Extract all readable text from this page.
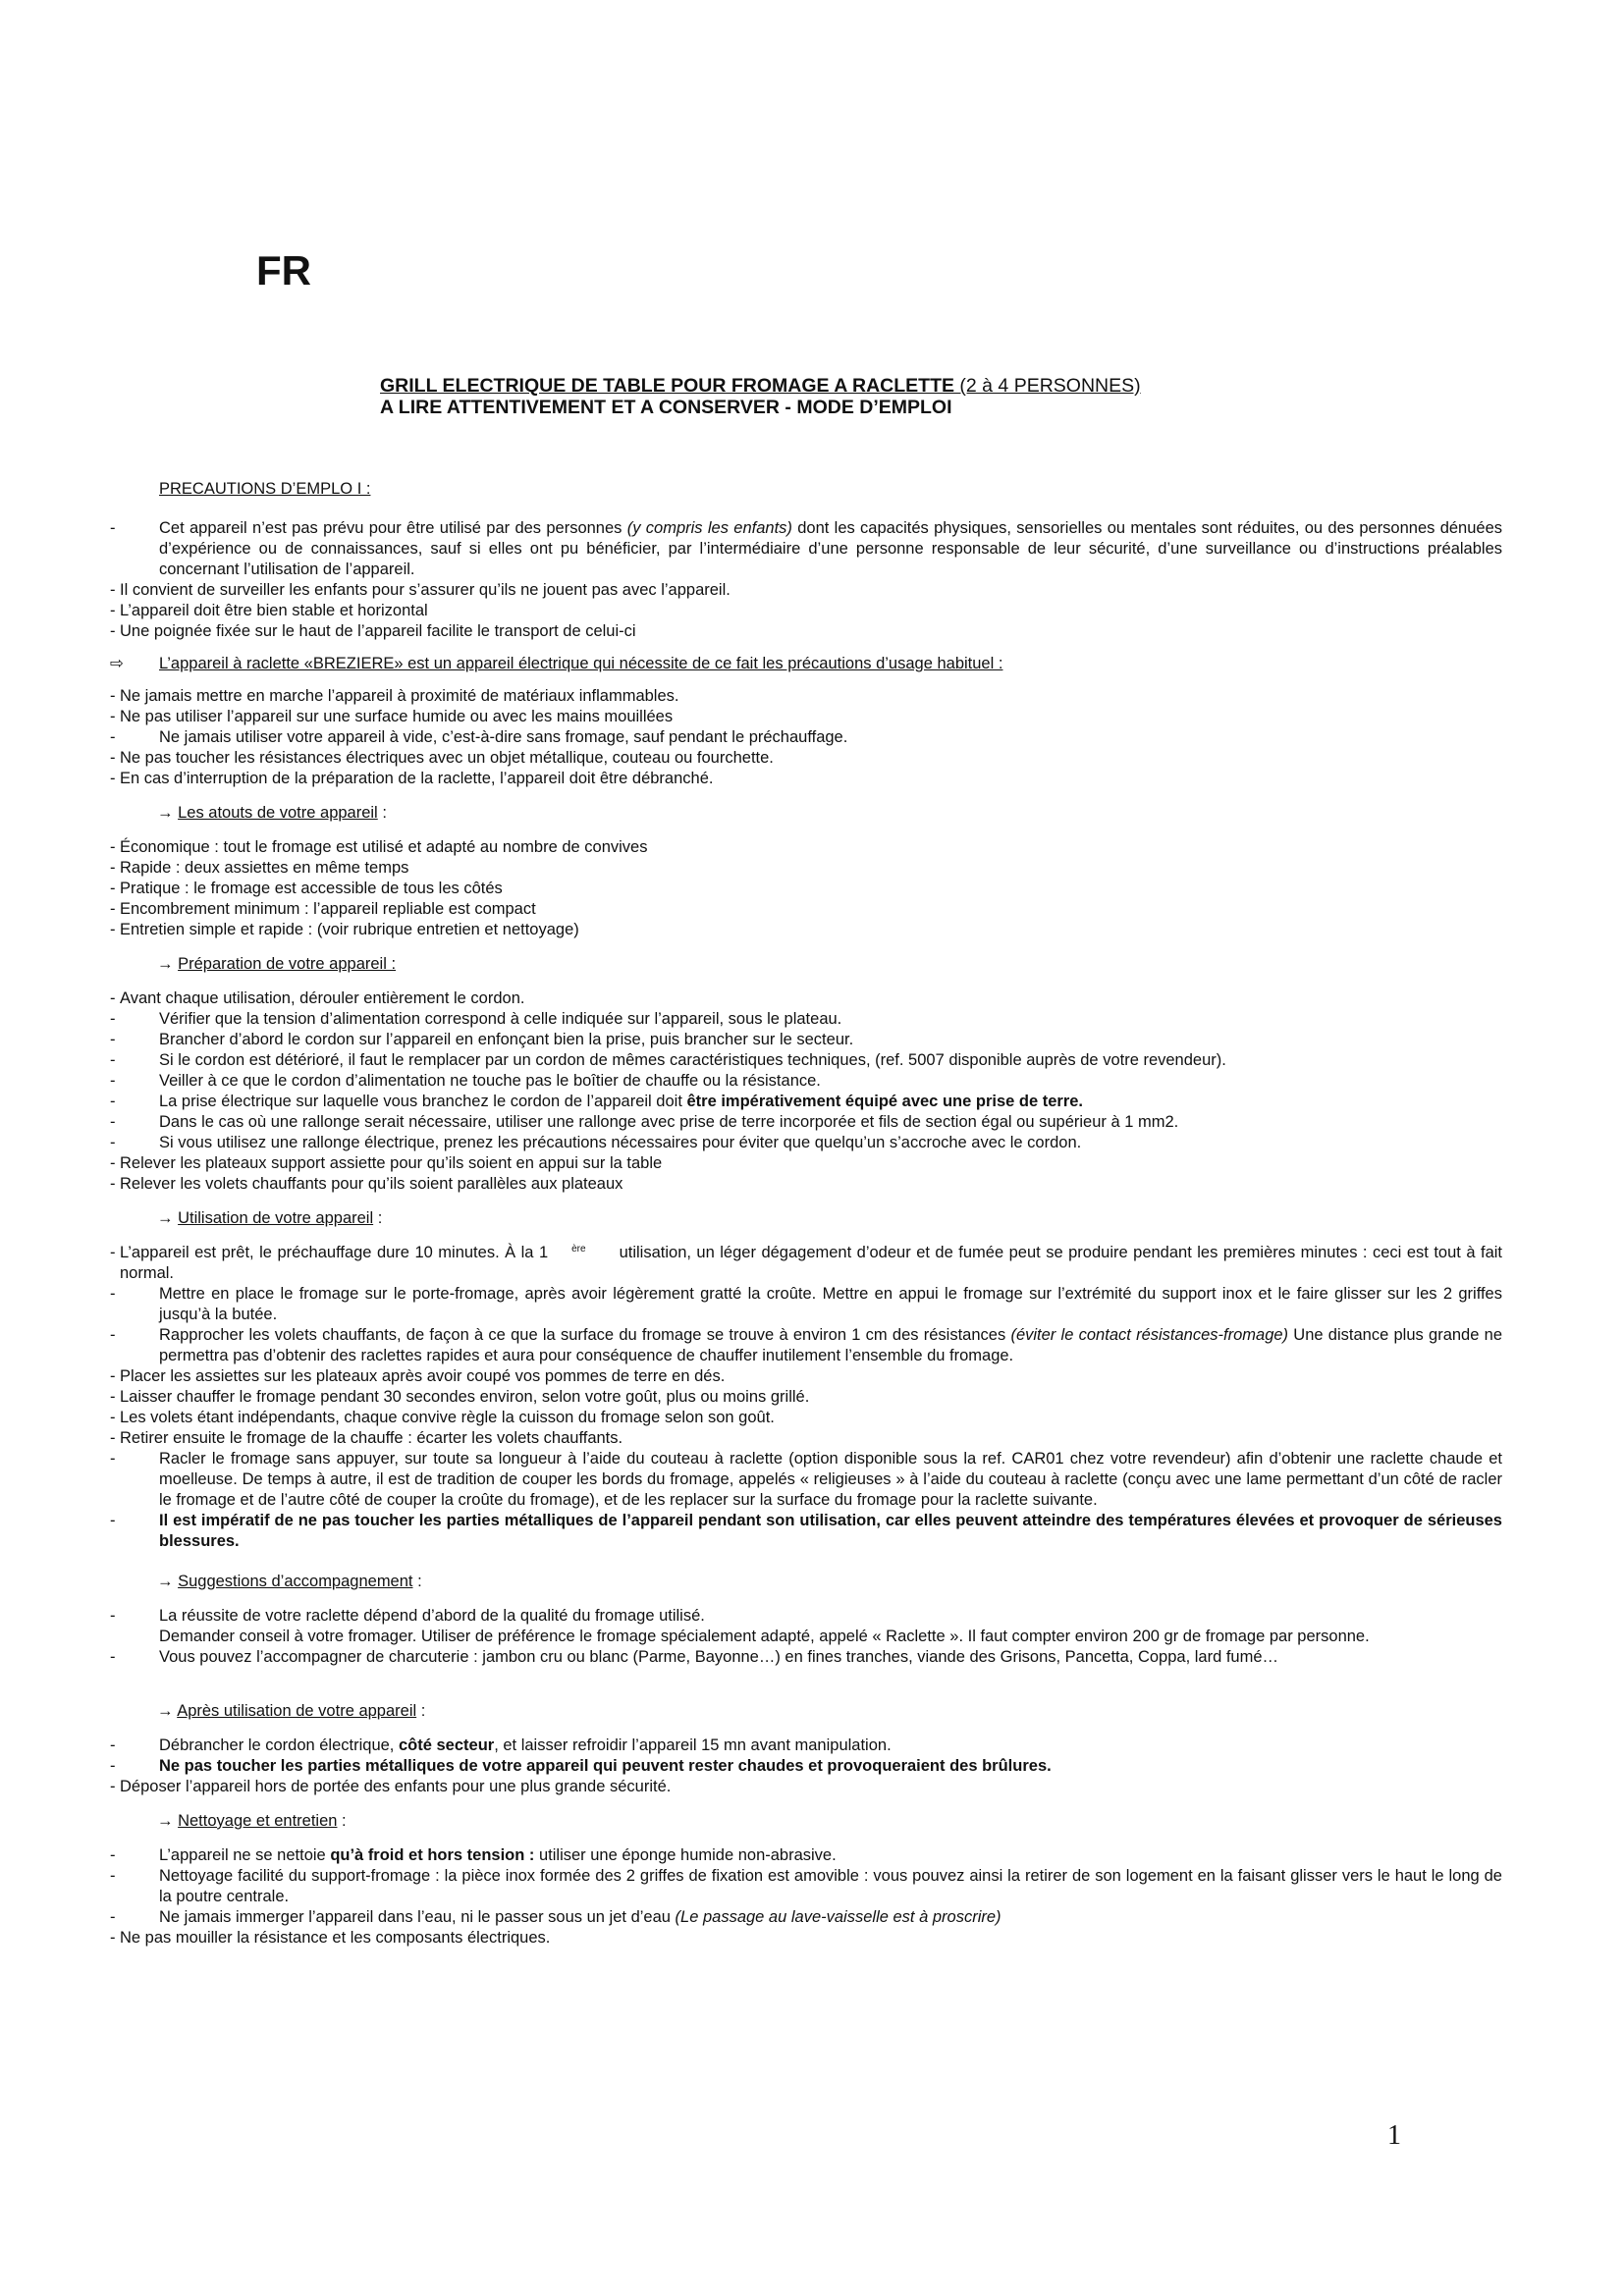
FR
GRILL ELECTRIQUE DE TABLE POUR FROMAGE A RACLETTE (2 à 4 PERSONNES)
A LIRE ATTENTIVEMENT ET A CONSERVER - MODE D’EMPLOI
PRECAUTIONS D’EMPLO I :
-	Cet appareil n’est pas prévu pour être utilisé par des personnes (y compris les enfants) dont les capacités physiques, sensorielles ou mentales sont réduites, ou des personnes dénuées d’expérience ou de connaissances, sauf si elles ont pu bénéficier, par l’intermédiaire d’une personne responsable de leur sécurité, d’une surveillance ou d’instructions préalables concernant l’utilisation de l’appareil.
- Il convient de surveiller les enfants pour s’assurer qu’ils ne jouent pas avec l’appareil.
- L’appareil doit être bien stable et horizontal
- Une poignée fixée sur le haut de l’appareil facilite le transport de celui-ci
⇨ L’appareil à raclette «BREZIERE» est un appareil électrique qui nécessite de ce fait les précautions d’usage habituel :
- Ne jamais mettre en marche l’appareil à proximité de matériaux inflammables.
- Ne pas utiliser l’appareil sur une surface humide ou avec les mains mouillées
-	Ne jamais utiliser votre appareil à vide, c’est-à-dire sans fromage, sauf pendant le préchauffage.
- Ne pas toucher les résistances électriques avec un objet métallique, couteau ou fourchette.
- En cas d’interruption de la préparation de la raclette, l’appareil doit être débranché.
→ Les atouts de votre appareil :
- Économique : tout le fromage est utilisé et adapté au nombre de convives
- Rapide : deux assiettes en même temps
- Pratique : le fromage est accessible de tous les côtés
- Encombrement minimum : l’appareil repliable est compact
- Entretien simple et rapide : (voir rubrique entretien et nettoyage)
→ Préparation de votre appareil :
- Avant chaque utilisation, dérouler entièrement le cordon.
-	Vérifier que la tension d’alimentation correspond à celle indiquée sur l’appareil, sous le plateau.
-	Brancher d’abord le cordon sur l’appareil en enfonçant bien la prise, puis brancher sur le secteur.
-	Si le cordon est détérioré, il faut le remplacer par un cordon de mêmes caractéristiques techniques, (ref. 5007 disponible auprès de votre revendeur).
-	Veiller à ce que le cordon d’alimentation ne touche pas le boîtier de chauffe ou la résistance.
-	La prise électrique sur laquelle vous branchez le cordon de l’appareil doit être impérativement équipé avec une prise de terre.
-	Dans le cas où une rallonge serait nécessaire, utiliser une rallonge avec prise de terre incorporée et fils de section égal ou supérieur à 1 mm2.
-	Si vous utilisez une rallonge électrique, prenez les précautions nécessaires pour éviter que quelqu’un s’accroche avec le cordon.
- Relever les plateaux support assiette pour qu’ils soient en appui sur la table
- Relever les volets chauffants pour qu’ils soient parallèles aux plateaux
→ Utilisation de votre appareil :
- L’appareil est prêt, le préchauffage dure 10 minutes. À la 1 $^{ère}$ utilisation, un léger dégagement d’odeur et de fumée peut se produire pendant les premières minutes : ceci est tout à fait normal.
-	Mettre en place le fromage sur le porte-fromage, après avoir légèrement gratté la croûte. Mettre en appui le fromage sur l’extrémité du support inox et le faire glisser sur les 2 griffes jusqu’à la butée.
-	Rapprocher les volets chauffants, de façon à ce que la surface du fromage se trouve à environ 1 cm des résistances (éviter le contact résistances-fromage) Une distance plus grande ne permettra pas d’obtenir des raclettes rapides et aura pour conséquence de chauffer inutilement l’ensemble du fromage.
- Placer les assiettes sur les plateaux après avoir coupé vos pommes de terre en dés.
- Laisser chauffer le fromage pendant 30 secondes environ, selon votre goût, plus ou moins grillé.
- Les volets étant indépendants, chaque convive règle la cuisson du fromage selon son goût.
- Retirer ensuite le fromage de la chauffe : écarter les volets chauffants.
-	Racler le fromage sans appuyer, sur toute sa longueur à l’aide du couteau à raclette (option disponible sous la ref. CAR01 chez votre revendeur) afin d’obtenir une raclette chaude et moelleuse. De temps à autre, il est de tradition de couper les bords du fromage, appelés « religieuses » à l’aide du couteau à raclette (conçu avec une lame permettant d’un côté de racler le fromage et de l’autre côté de couper la croûte du fromage), et de les replacer sur la surface du fromage pour la raclette suivante.
-	Il est impératif de ne pas toucher les parties métalliques de l’appareil pendant son utilisation, car elles peuvent atteindre des températures élevées et provoquer de sérieuses blessures.
→ Suggestions d’accompagnement :
-	La réussite de votre raclette dépend d’abord de la qualité du fromage utilisé.
Demander conseil à votre fromager. Utiliser de préférence le fromage spécialement adapté, appelé « Raclette ». Il faut compter environ 200 gr de fromage par personne.
-	Vous pouvez l’accompagner de charcuterie : jambon cru ou blanc (Parme, Bayonne…) en fines tranches, viande des Grisons, Pancetta, Coppa, lard fumé…
→ Après utilisation de votre appareil :
-	Débrancher le cordon électrique, côté secteur, et laisser refroidir l’appareil 15 mn avant manipulation.
-	Ne pas toucher les parties métalliques de votre appareil qui peuvent rester chaudes et provoqueraient des brûlures.
- Déposer l’appareil hors de portée des enfants pour une plus grande sécurité.
→ Nettoyage et entretien :
-	L’appareil ne se nettoie qu’à froid et hors tension : utiliser une éponge humide non-abrasive.
-	Nettoyage facilité du support-fromage : la pièce inox formée des 2 griffes de fixation est amovible : vous pouvez ainsi la retirer de son logement en la faisant glisser vers le haut le long de la poutre centrale.
-	Ne jamais immerger l’appareil dans l’eau, ni le passer sous un jet d’eau (Le passage au lave-vaisselle est à proscrire)
- Ne pas mouiller la résistance et les composants électriques.
1
